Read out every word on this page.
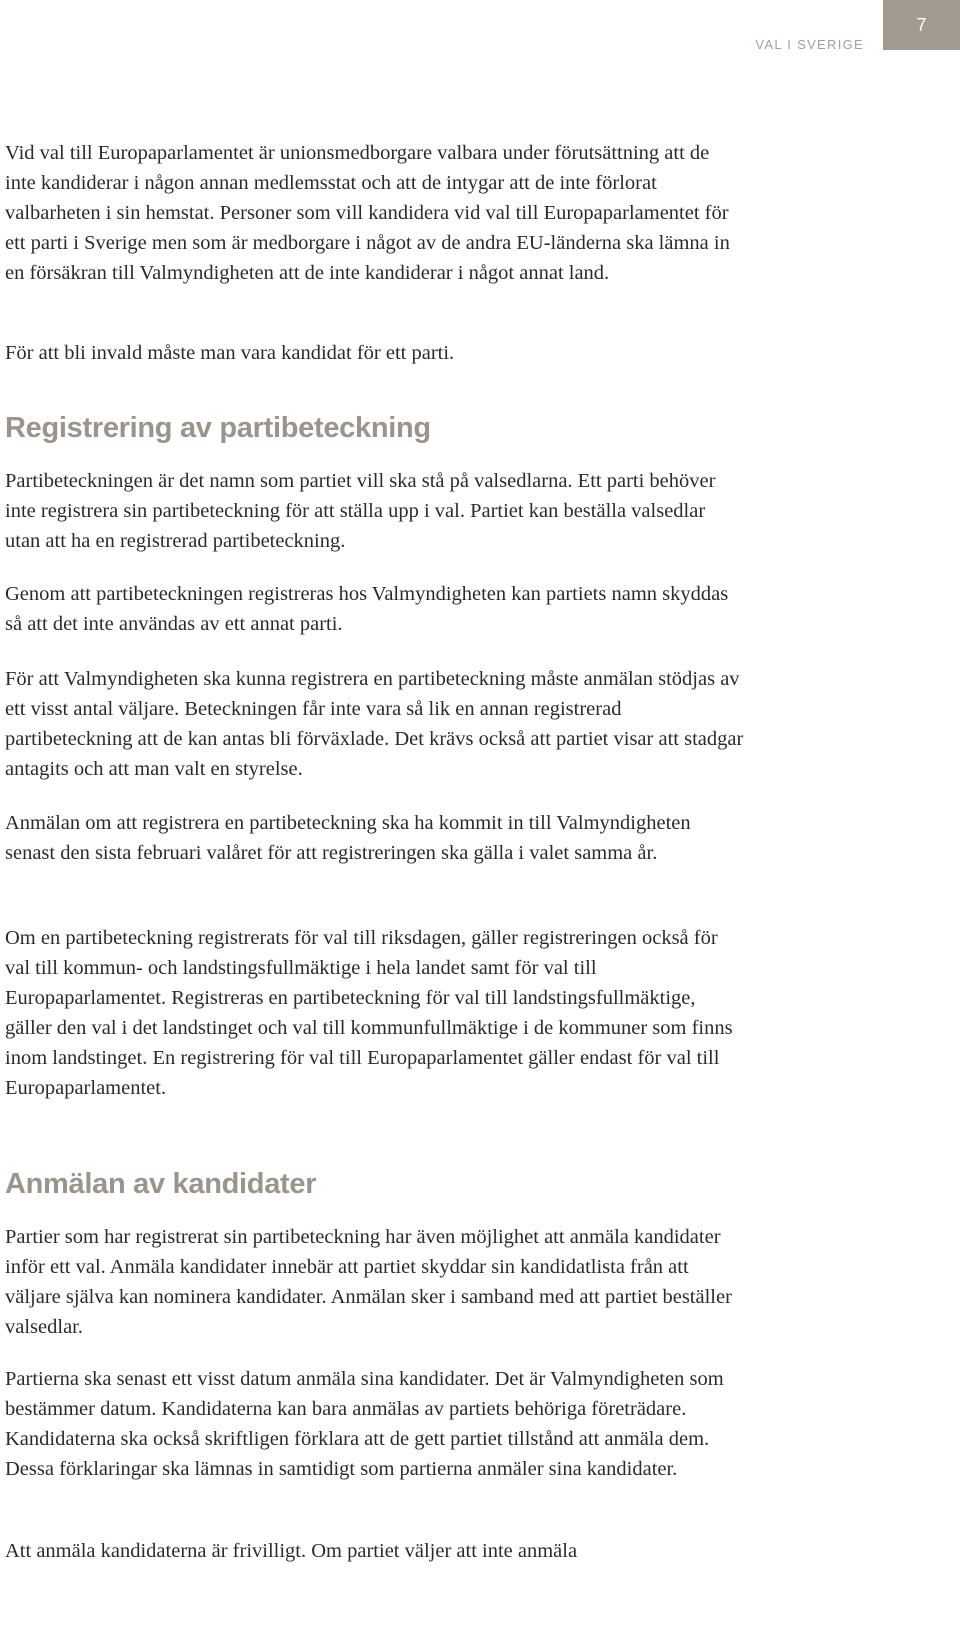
VAL I SVERIGE
7

Vid val till Europaparlamentet är unionsmedborgare valbara under förutsättning att de inte kandiderar i någon annan medlemsstat och att de intygar att de inte förlorat valbarheten i sin hemstat. Personer som vill kandidera vid val till Europaparlamentet för ett parti i Sverige men som är medborgare i något av de andra EU-länderna ska lämna in en försäkran till Valmyndigheten att de inte kandiderar i något annat land.

För att bli invald måste man vara kandidat för ett parti.

Registrering av partibeteckning

Partibeteckningen är det namn som partiet vill ska stå på valsedlarna. Ett parti behöver inte registrera sin partibeteckning för att ställa upp i val. Partiet kan beställa valsedlar utan att ha en registrerad partibeteckning.

Genom att partibeteckningen registreras hos Valmyndigheten kan partiets namn skyddas så att det inte användas av ett annat parti.

För att Valmyndigheten ska kunna registrera en partibeteckning måste anmälan stödjas av ett visst antal väljare. Beteckningen får inte vara så lik en annan registrerad partibeteckning att de kan antas bli förväxlade. Det krävs också att partiet visar att stadgar antagits och att man valt en styrelse.

Anmälan om att registrera en partibeteckning ska ha kommit in till Valmyndigheten senast den sista februari valåret för att registreringen ska gälla i valet samma år.

Om en partibeteckning registrerats för val till riksdagen, gäller registreringen också för val till kommun- och landstingsfullmäktige i hela landet samt för val till Europaparlamentet. Registreras en partibeteckning för val till landstingsfullmäktige, gäller den val i det landstinget och val till kommunfullmäktige i de kommuner som finns inom landstinget. En registrering för val till Europaparlamentet gäller endast för val till Europaparlamentet.

Anmälan av kandidater

Partier som har registrerat sin partibeteckning har även möjlighet att anmäla kandidater inför ett val. Anmäla kandidater innebär att partiet skyddar sin kandidatlista från att väljare själva kan nominera kandidater. Anmälan sker i samband med att partiet beställer valsedlar.

Partierna ska senast ett visst datum anmäla sina kandidater. Det är Valmyndigheten som bestämmer datum. Kandidaterna kan bara anmälas av partiets behöriga företrädare. Kandidaterna ska också skriftligen förklara att de gett partiet tillstånd att anmäla dem. Dessa förklaringar ska lämnas in samtidigt som partierna anmäler sina kandidater.

Att anmäla kandidaterna är frivilligt. Om partiet väljer att inte anmäla
